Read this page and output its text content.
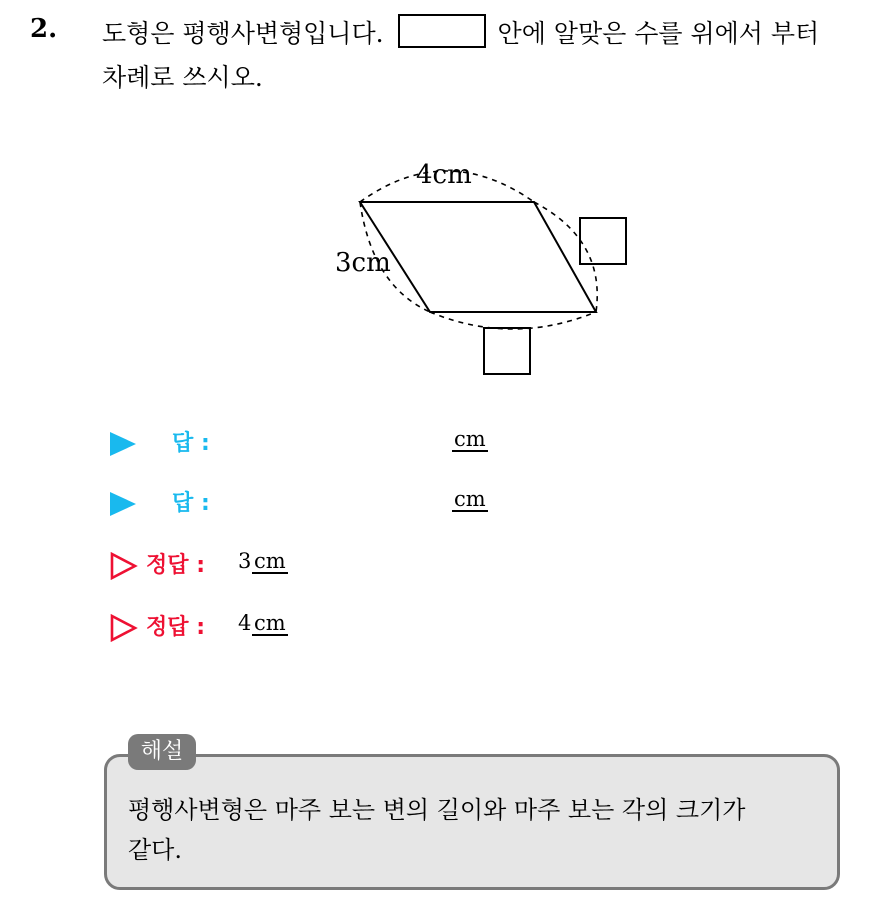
2. 도형은 평행사변형입니다.	안에 알맞은 수를 위에서 부터
차례로 쓰시오.
4cm
3cm
답 :	cm
답 :	cm
정답 : 3 cm
정답 : 4 cm
해설
평행사변형은 마주 보는 변의 길이와 마주 보는 각의 크기가
같다.
